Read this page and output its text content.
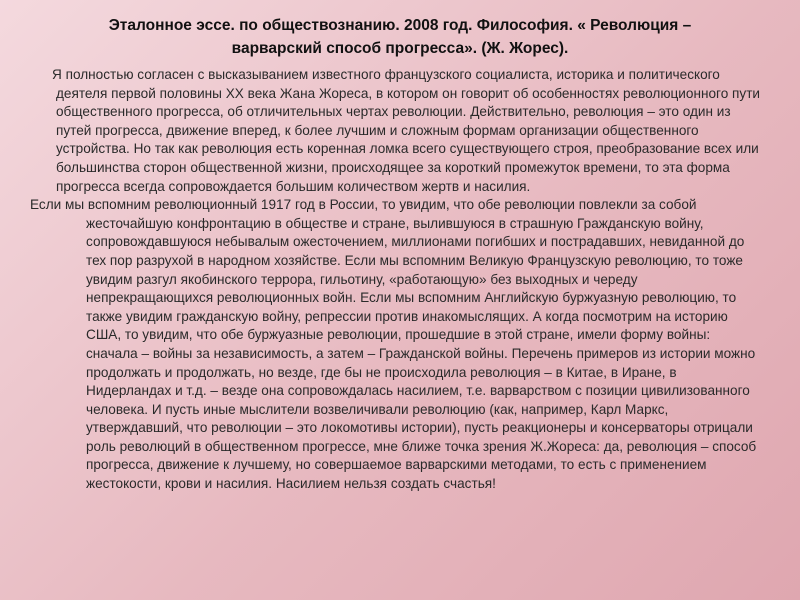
Эталонное эссе. по обществознанию. 2008 год. Философия. « Революция –
варварский способ прогресса». (Ж. Жорес).

Я полностью согласен с высказыванием известного французского социалиста, историка и политического деятеля первой половины XX века Жана Жореса, в котором он говорит об особенностях революционного пути общественного прогресса, об отличительных чертах революции. Действительно, революция – это один из путей прогресса, движение вперед, к более лучшим и сложным формам организации общественного устройства. Но так как революция есть коренная ломка всего существующего строя, преобразование всех или большинства сторон общественной жизни, происходящее за короткий промежуток времени, то эта форма прогресса всегда сопровождается большим количеством жертв и насилия.

Если мы вспомним революционный 1917 год в России, то увидим, что обе революции повлекли за собой жесточайшую конфронтацию в обществе и стране, вылившуюся в страшную Гражданскую войну, сопровождавшуюся небывалым ожесточением, миллионами погибших и пострадавших, невиданной до тех пор разрухой в народном хозяйстве. Если мы вспомним Великую Французскую революцию, то тоже увидим разгул якобинского террора, гильотину, «работающую» без выходных и череду непрекращающихся революционных войн. Если мы вспомним Английскую буржуазную революцию, то также увидим гражданскую войну, репрессии против инакомыслящих. А когда посмотрим на историю США, то увидим, что обе буржуазные революции, прошедшие в этой стране, имели форму войны: сначала – войны за независимость, а затем – Гражданской войны. Перечень примеров из истории можно продолжать и продолжать, но везде, где бы не происходила революция – в Китае, в Иране, в Нидерландах и т.д. – везде она сопровождалась насилием, т.е. варварством с позиции цивилизованного человека. И пусть иные мыслители возвеличивали революцию (как, например, Карл Маркс, утверждавший, что революции – это локомотивы истории), пусть реакционеры и консерваторы отрицали роль революций в общественном прогрессе, мне ближе точка зрения Ж.Жореса: да, революция – способ прогресса, движение к лучшему, но совершаемое варварскими методами, то есть с применением жестокости, крови и насилия. Насилием нельзя создать счастья!
